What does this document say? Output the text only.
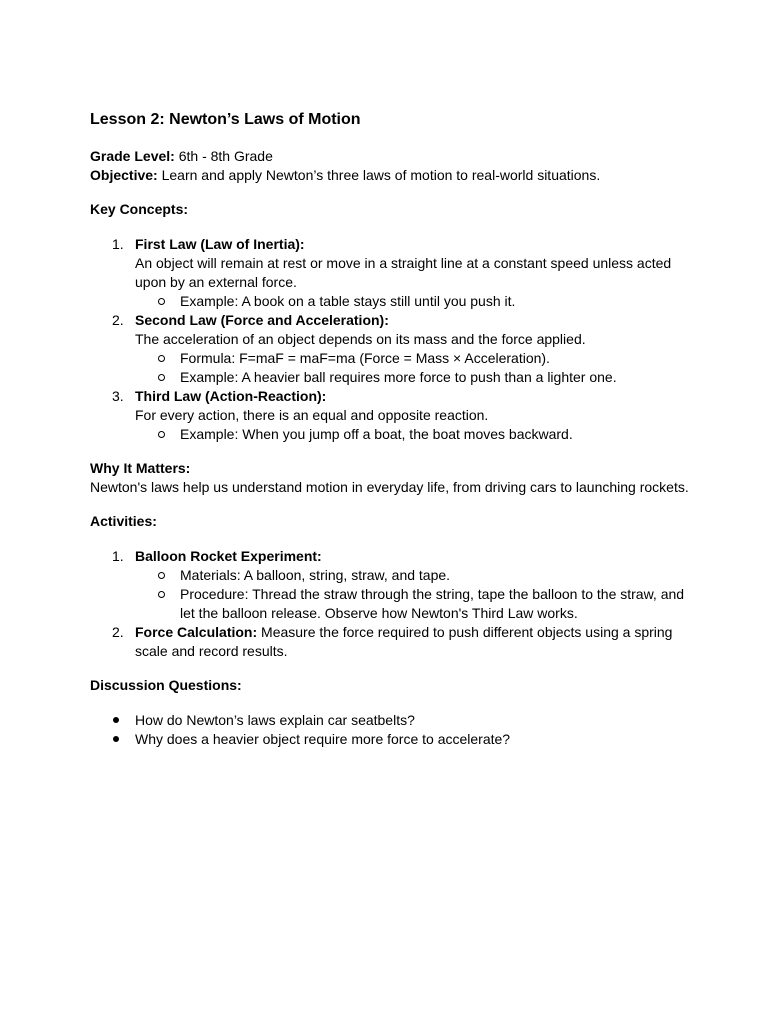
Lesson 2: Newton’s Laws of Motion

Grade Level: 6th - 8th Grade

Objective: Learn and apply Newton’s three laws of motion to real-world situations.

Key Concepts:

1. First Law (Law of Inertia):
An object will remain at rest or move in a straight line at a constant speed unless acted upon by an external force.
Example: A book on a table stays still until you push it.
2. Second Law (Force and Acceleration):
The acceleration of an object depends on its mass and the force applied.
Formula: F=maF = maF=ma (Force = Mass × Acceleration).
Example: A heavier ball requires more force to push than a lighter one.
3. Third Law (Action-Reaction):
For every action, there is an equal and opposite reaction.
Example: When you jump off a boat, the boat moves backward.

Why It Matters:

Newton's laws help us understand motion in everyday life, from driving cars to launching rockets.

Activities:

1. Balloon Rocket Experiment:
Materials: A balloon, string, straw, and tape.
Procedure: Thread the straw through the string, tape the balloon to the straw, and let the balloon release. Observe how Newton's Third Law works.
2. Force Calculation: Measure the force required to push different objects using a spring scale and record results.

Discussion Questions:

How do Newton’s laws explain car seatbelts?
Why does a heavier object require more force to accelerate?
